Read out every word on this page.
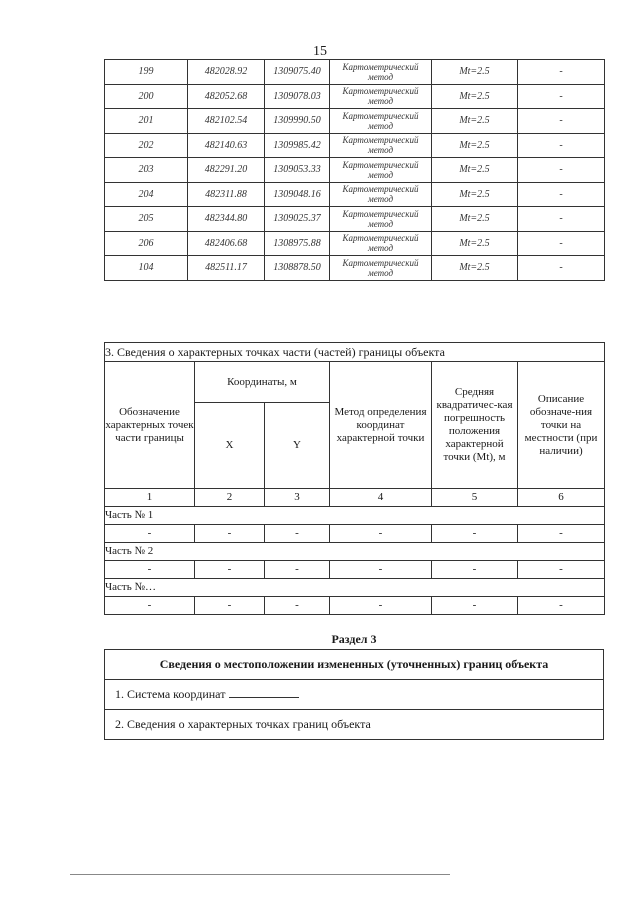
15
199	482028.92	1309075.40	Картометрический метод	Mt=2.5	-
200	482052.68	1309078.03	Картометрический метод	Mt=2.5	-
201	482102.54	1309990.50	Картометрический метод	Mt=2.5	-
202	482140.63	1309985.42	Картометрический метод	Mt=2.5	-
203	482291.20	1309053.33	Картометрический метод	Mt=2.5	-
204	482311.88	1309048.16	Картометрический метод	Mt=2.5	-
205	482344.80	1309025.37	Картометрический метод	Mt=2.5	-
206	482406.68	1308975.88	Картометрический метод	Mt=2.5	-
104	482511.17	1308878.50	Картометрический метод	Mt=2.5	-
3. Сведения о характерных точках части (частей) границы объекта					
Обозначение характерных точек части границы	Координаты, м		Метод определения координат характерной точки	Средняя квадратичес-кая погрешность положения характерной точки (Mt), м	Описание обозначе-ния точки на местности (при наличии)
	X	Y			
1	2	3	4	5	6
Часть № 1					
-	-	-	-	-	-
Часть № 2					
-	-	-	-	-	-
Часть №…					
-	-	-	-	-	-
Раздел 3
Сведения о местоположении измененных (уточненных) границ объекта
1. Система координат
2. Сведения о характерных точках границ объекта
